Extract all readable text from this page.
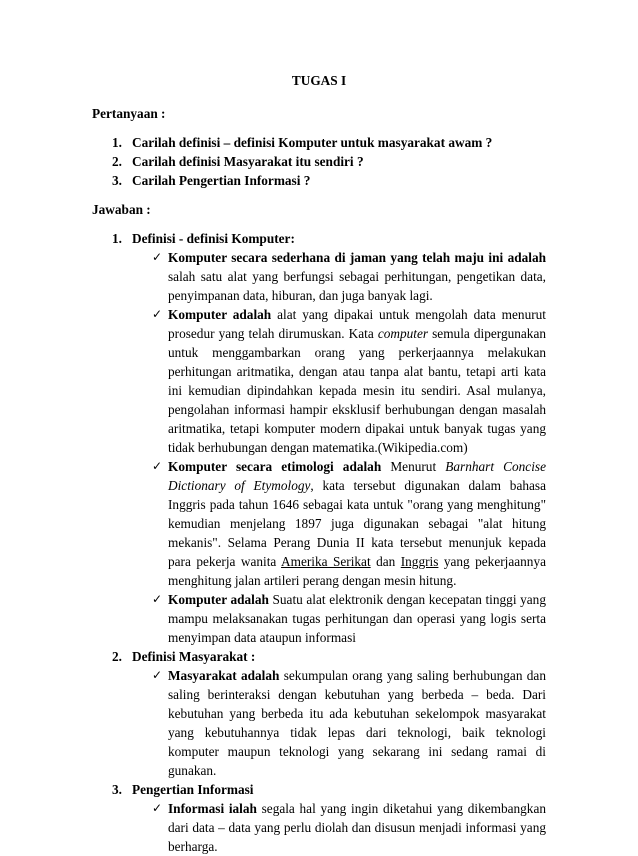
TUGAS I

Pertanyaan :

1. Carilah definisi – definisi Komputer untuk masyarakat awam ?
2. Carilah definisi Masyarakat itu sendiri ?
3. Carilah Pengertian Informasi ?

Jawaban :

1. Definisi - definisi Komputer:
✓ Komputer secara sederhana di jaman yang telah maju ini adalah salah satu alat yang berfungsi sebagai perhitungan, pengetikan data, penyimpanan data, hiburan, dan juga banyak lagi.
✓ Komputer adalah alat yang dipakai untuk mengolah data menurut prosedur yang telah dirumuskan. Kata computer semula dipergunakan untuk menggambarkan orang yang perkerjaannya melakukan perhitungan aritmatika, dengan atau tanpa alat bantu, tetapi arti kata ini kemudian dipindahkan kepada mesin itu sendiri. Asal mulanya, pengolahan informasi hampir eksklusif berhubungan dengan masalah aritmatika, tetapi komputer modern dipakai untuk banyak tugas yang tidak berhubungan dengan matematika.(Wikipedia.com)
✓ Komputer secara etimologi adalah Menurut Barnhart Concise Dictionary of Etymology, kata tersebut digunakan dalam bahasa Inggris pada tahun 1646 sebagai kata untuk "orang yang menghitung" kemudian menjelang 1897 juga digunakan sebagai "alat hitung mekanis". Selama Perang Dunia II kata tersebut menunjuk kepada para pekerja wanita Amerika Serikat dan Inggris yang pekerjaannya menghitung jalan artileri perang dengan mesin hitung.
✓ Komputer adalah Suatu alat elektronik dengan kecepatan tinggi yang mampu melaksanakan tugas perhitungan dan operasi yang logis serta menyimpan data ataupun informasi
2. Definisi Masyarakat :
✓ Masyarakat adalah sekumpulan orang yang saling berhubungan dan saling berinteraksi dengan kebutuhan yang berbeda – beda. Dari kebutuhan yang berbeda itu ada kebutuhan sekelompok masyarakat yang kebutuhannya tidak lepas dari teknologi, baik teknologi komputer maupun teknologi yang sekarang ini sedang ramai di gunakan.
3. Pengertian Informasi
✓ Informasi ialah segala hal yang ingin diketahui yang dikembangkan dari data – data yang perlu diolah dan disusun menjadi informasi yang berharga.
